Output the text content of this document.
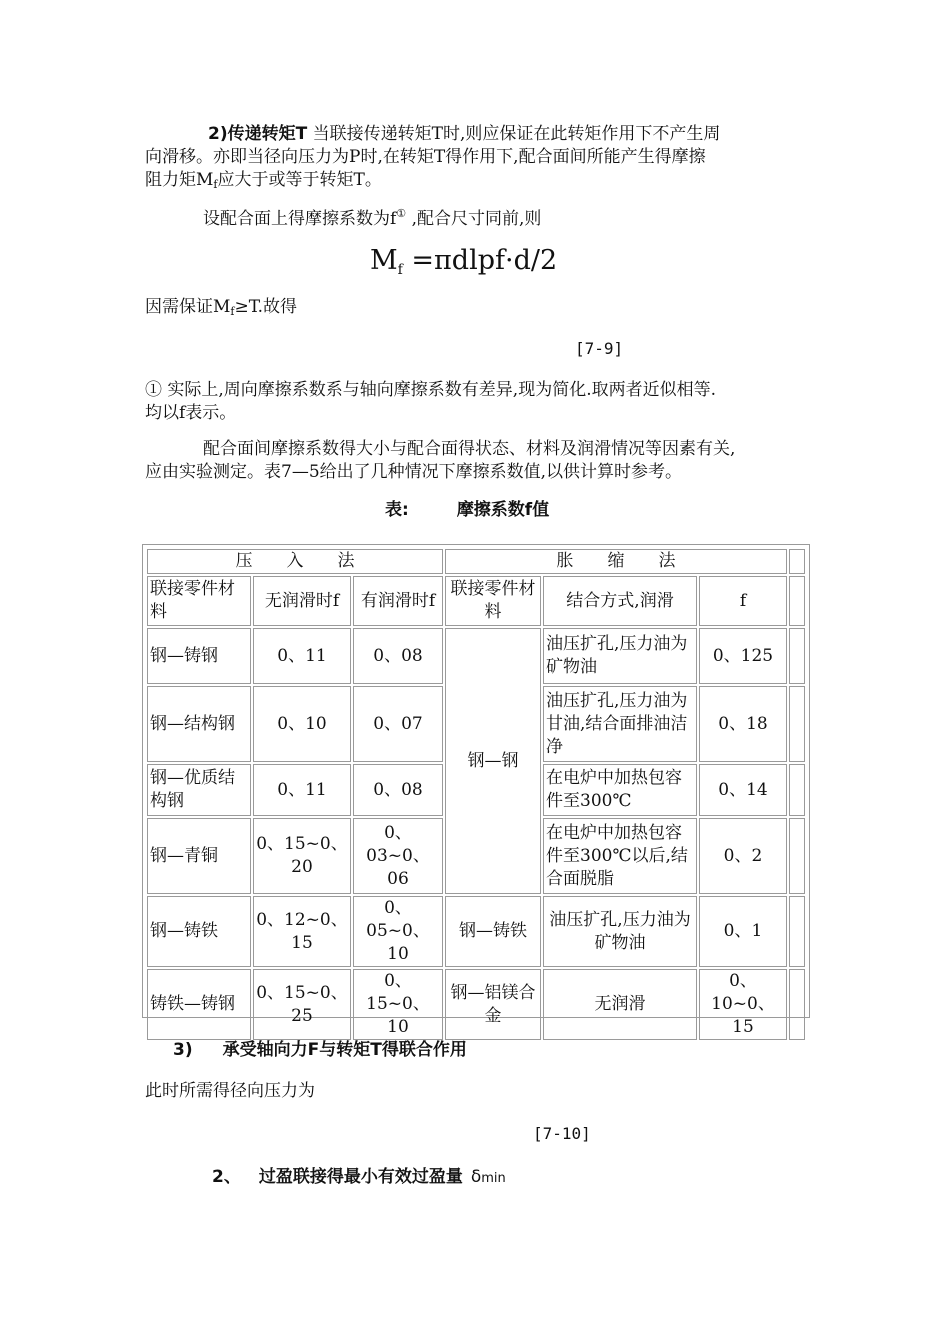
2)传递转矩T 当联接传递转矩T时,则应保证在此转矩作用下不产生周
向滑移。亦即当径向压力为P时,在转矩T得作用下,配合面间所能产生得摩擦
阻力矩Mf应大于或等于转矩T。
设配合面上得摩擦系数为f① ,配合尺寸同前,则
$M_f$ =πdlpf·d/2
因需保证Mf≥T.故得
[7-9]
① 实际上,周向摩擦系数系与轴向摩擦系数有差异,现为简化.取两者近似相等.
均以f表示。
配合面间摩擦系数得大小与配合面得状态、材料及润滑情况等因素有关,
应由实验测定。表7—5给出了几种情况下摩擦系数值,以供计算时参考。
表:	摩擦系数f值
压　　入　　法			胀　　缩　　法			
联接零件材料	无润滑时f	有润滑时f	联接零件材料	结合方式,润滑	f	
钢—铸钢	0、11	0、08	钢—钢	油压扩孔,压力油为矿物油	0、125	
钢—结构钢	0、10	0、07		油压扩孔,压力油为甘油,结合面排油洁净	0、18	
钢—优质结构钢	0、11	0、08		在电炉中加热包容件至300℃	0、14	
钢—青铜	0、15~0、20	0、03~0、06		在电炉中加热包容件至300℃以后,结合面脱脂	0、2	
钢—铸铁	0、12~0、15	0、05~0、10	钢—铸铁	油压扩孔,压力油为矿物油	0、1	
铸铁—铸钢	0、15~0、25	0、15~0、10	钢—铝镁合金	无润滑	0、10~0、15	
3) 承受轴向力F与转矩T得联合作用
此时所需得径向压力为
[7-10]
2、 过盈联接得最小有效过盈量 δmin
